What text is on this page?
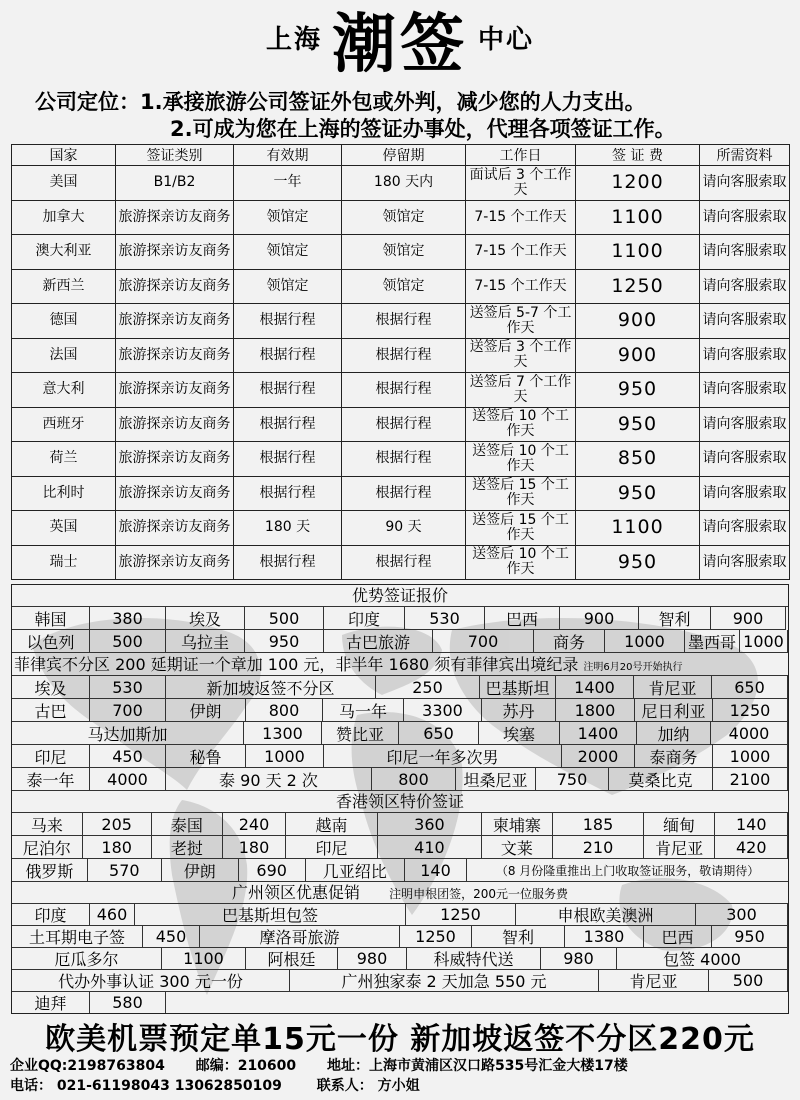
上海 潮签 中心
公司定位：1.承接旅游公司签证外包或外判，减少您的人力支出。
2.可成为您在上海的签证办事处，代理各项签证工作。
国家	签证类别	有效期	停留期	工作日	签 证 费	所需资料
美国	B1/B2	一年	180 天内	面试后 3 个工作天	1200	请向客服索取
加拿大	旅游探亲访友商务	领馆定	领馆定	7-15 个工作天	1100	请向客服索取
澳大利亚	旅游探亲访友商务	领馆定	领馆定	7-15 个工作天	1100	请向客服索取
新西兰	旅游探亲访友商务	领馆定	领馆定	7-15 个工作天	1250	请向客服索取
德国	旅游探亲访友商务	根据行程	根据行程	送签后 5-7 个工作天	900	请向客服索取
法国	旅游探亲访友商务	根据行程	根据行程	送签后 3 个工作天	900	请向客服索取
意大利	旅游探亲访友商务	根据行程	根据行程	送签后 7 个工作天	950	请向客服索取
西班牙	旅游探亲访友商务	根据行程	根据行程	送签后 10 个工作天	950	请向客服索取
荷兰	旅游探亲访友商务	根据行程	根据行程	送签后 10 个工作天	850	请向客服索取
比利时	旅游探亲访友商务	根据行程	根据行程	送签后 15 个工作天	950	请向客服索取
英国	旅游探亲访友商务	180 天	90 天	送签后 15 个工作天	1100	请向客服索取
瑞士	旅游探亲访友商务	根据行程	根据行程	送签后 10 个工作天	950	请向客服索取
优势签证报价
韩国	380	埃及	500	印度	530	巴西	900	智利	900
以色列	500	乌拉圭	950	古巴旅游	700	商务	1000	墨西哥 1000
菲律宾不分区 200 延期证一个章加 100 元，非半年 1680 须有菲律宾出境纪录 注明6月20号开始执行
埃及	530	新加坡返签不分区	250	巴基斯坦	1400	肯尼亚	650
古巴	700	伊朗	800	马一年	3300	苏丹	1800	尼日利亚	1250
马达加斯加	1300	赞比亚	650	埃塞	1400	加纳	4000
印尼	450	秘鲁	1000	印尼一年多次男	2000	泰商务	1000
泰一年	4000	泰 90 天 2 次	800	坦桑尼亚	750	莫桑比克	2100
香港领区特价签证
马来	205	泰国	240	越南	360	柬埔寨	185	缅甸	140
尼泊尔	180	老挝	180	印尼	410	文莱	210	肯尼亚	420
俄罗斯	570	伊朗	690	几亚绍比	140	（8 月份隆重推出上门收取签证服务，敬请期待）
广州领区优惠促销 注明申根团签，200元一位服务费
印度	460	巴基斯坦包签	1250	申根欧美澳洲	300
土耳期电子签	450	摩洛哥旅游	1250	智利	1380	巴西	950
厄瓜多尔	1100	阿根廷	980	科威特代送	980	包签 4000
代办外事认证 300 元一份	广州独家泰 2 天加急 550 元	肯尼亚	500
迪拜	580
欧美机票预定单15元一份 新加坡返签不分区220元
企业QQ:2198763804 邮编：210600 地址：上海市黄浦区汉口路535号汇金大楼17楼
电话： 021-61198043 13062850109 联系人： 方小姐
